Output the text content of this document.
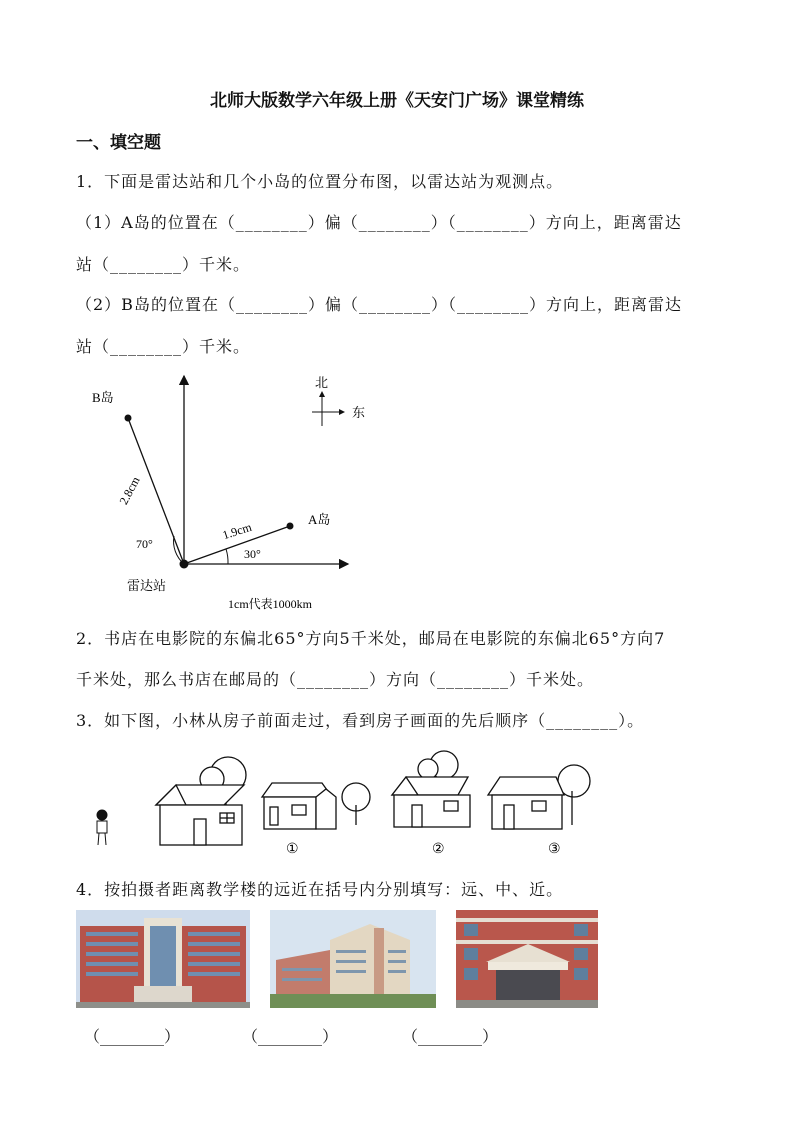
北师大版数学六年级上册《天安门广场》课堂精练
一、填空题
1．下面是雷达站和几个小岛的位置分布图，以雷达站为观测点。
（1）A岛的位置在（________）偏（________）（________）方向上，距离雷达
站（________）千米。
（2）B岛的位置在（________）偏（________）（________）方向上，距离雷达
站（________）千米。
B岛
A岛
2.8cm
1.9cm
70°
30°
雷达站
1cm代表1000km
北
东
2．书店在电影院的东偏北65°方向5千米处，邮局在电影院的东偏北65°方向7
千米处，那么书店在邮局的（________）方向（________）千米处。
3．如下图，小林从房子前面走过，看到房子画面的先后顺序（________）。
①	②	③
4．按拍摄者距离教学楼的远近在括号内分别填写：远、中、近。
（________）	（________）	（________）
